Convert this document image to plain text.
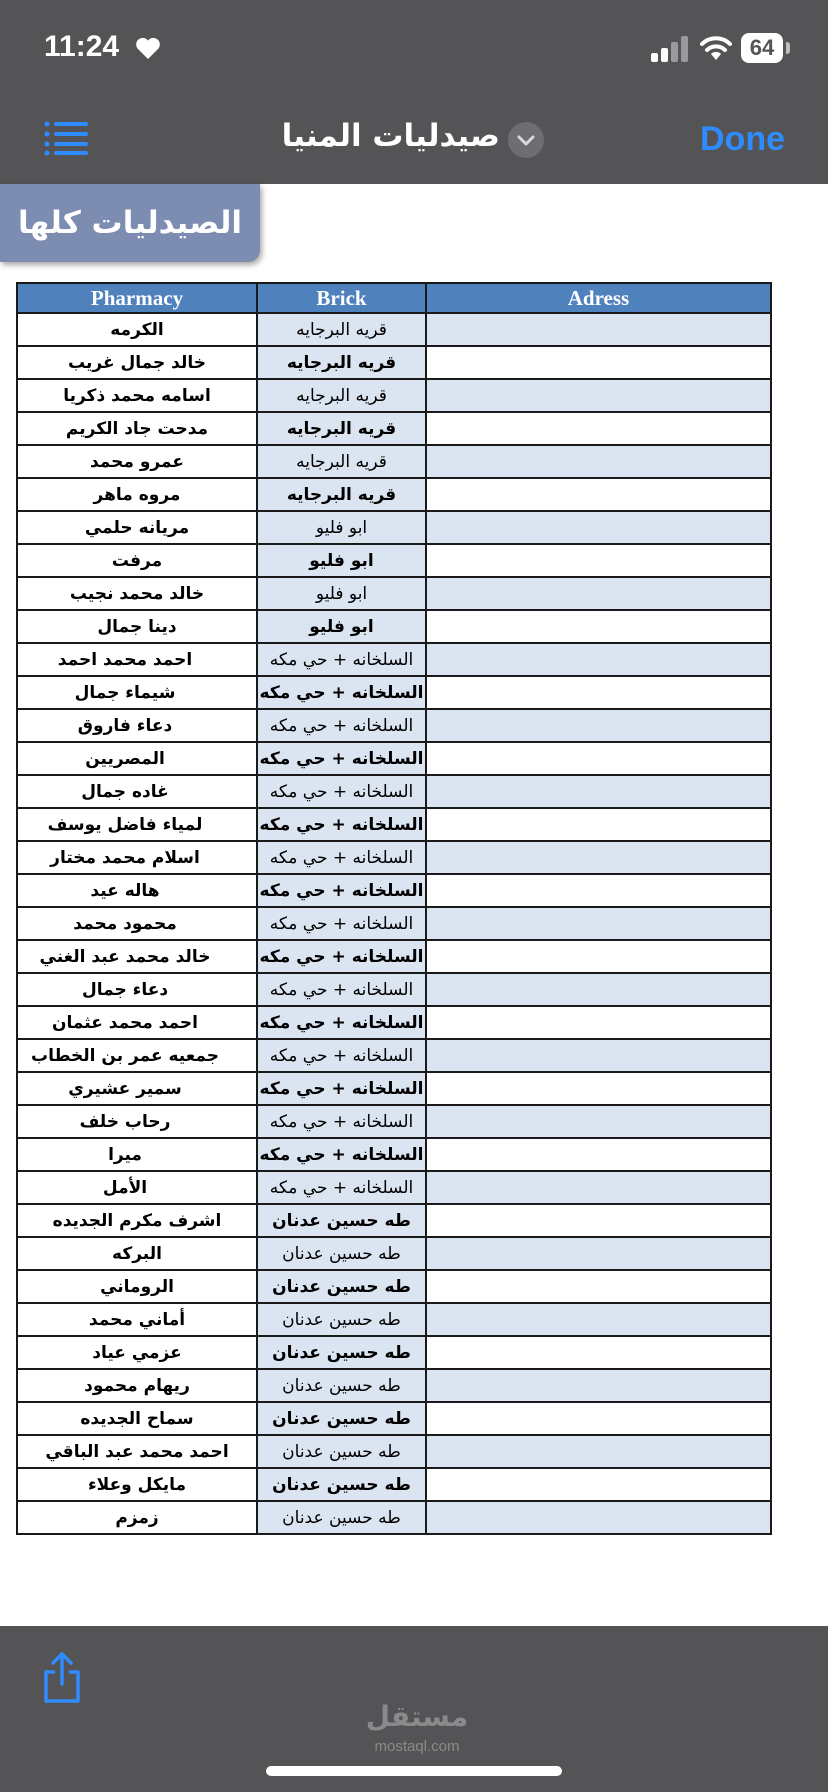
11:24	64
صيدليات المنيا	Done
الصيدليات كلها
Pharmacy	Brick	Adress
الكرمه	قريه البرجايه	
خالد جمال غريب	قريه البرجايه	
اسامه محمد ذكريا	قريه البرجايه	
مدحت جاد الكريم	قريه البرجايه	
عمرو محمد	قريه البرجايه	
مروه ماهر	قريه البرجايه	
مريانه حلمي	ابو فليو	
مرفت	ابو فليو	
خالد محمد نجيب	ابو فليو	
دينا جمال	ابو فليو	
احمد محمد احمد	السلخانه + حي مكه	
شيماء جمال	السلخانه + حي مكه	
دعاء فاروق	السلخانه + حي مكه	
المصريين	السلخانه + حي مكه	
غاده جمال	السلخانه + حي مكه	
لمياء فاضل يوسف	السلخانه + حي مكه	
اسلام محمد مختار	السلخانه + حي مكه	
هاله عيد	السلخانه + حي مكه	
محمود محمد	السلخانه + حي مكه	
خالد محمد عبد الغني	السلخانه + حي مكه	
دعاء جمال	السلخانه + حي مكه	
احمد محمد عثمان	السلخانه + حي مكه	
جمعيه عمر بن الخطاب	السلخانه + حي مكه	
سمير عشيري	السلخانه + حي مكه	
رحاب خلف	السلخانه + حي مكه	
ميرا	السلخانه + حي مكه	
الأمل	السلخانه + حي مكه	
اشرف مكرم الجديده	طه حسين عدنان	
البركه	طه حسين عدنان	
الروماني	طه حسين عدنان	
أماني محمد	طه حسين عدنان	
عزمي عياد	طه حسين عدنان	
ريهام محمود	طه حسين عدنان	
سماح الجديده	طه حسين عدنان	
احمد محمد عبد الباقي	طه حسين عدنان	
مايكل وعلاء	طه حسين عدنان	
زمزم	طه حسين عدنان	
مستقل
mostaql.com
